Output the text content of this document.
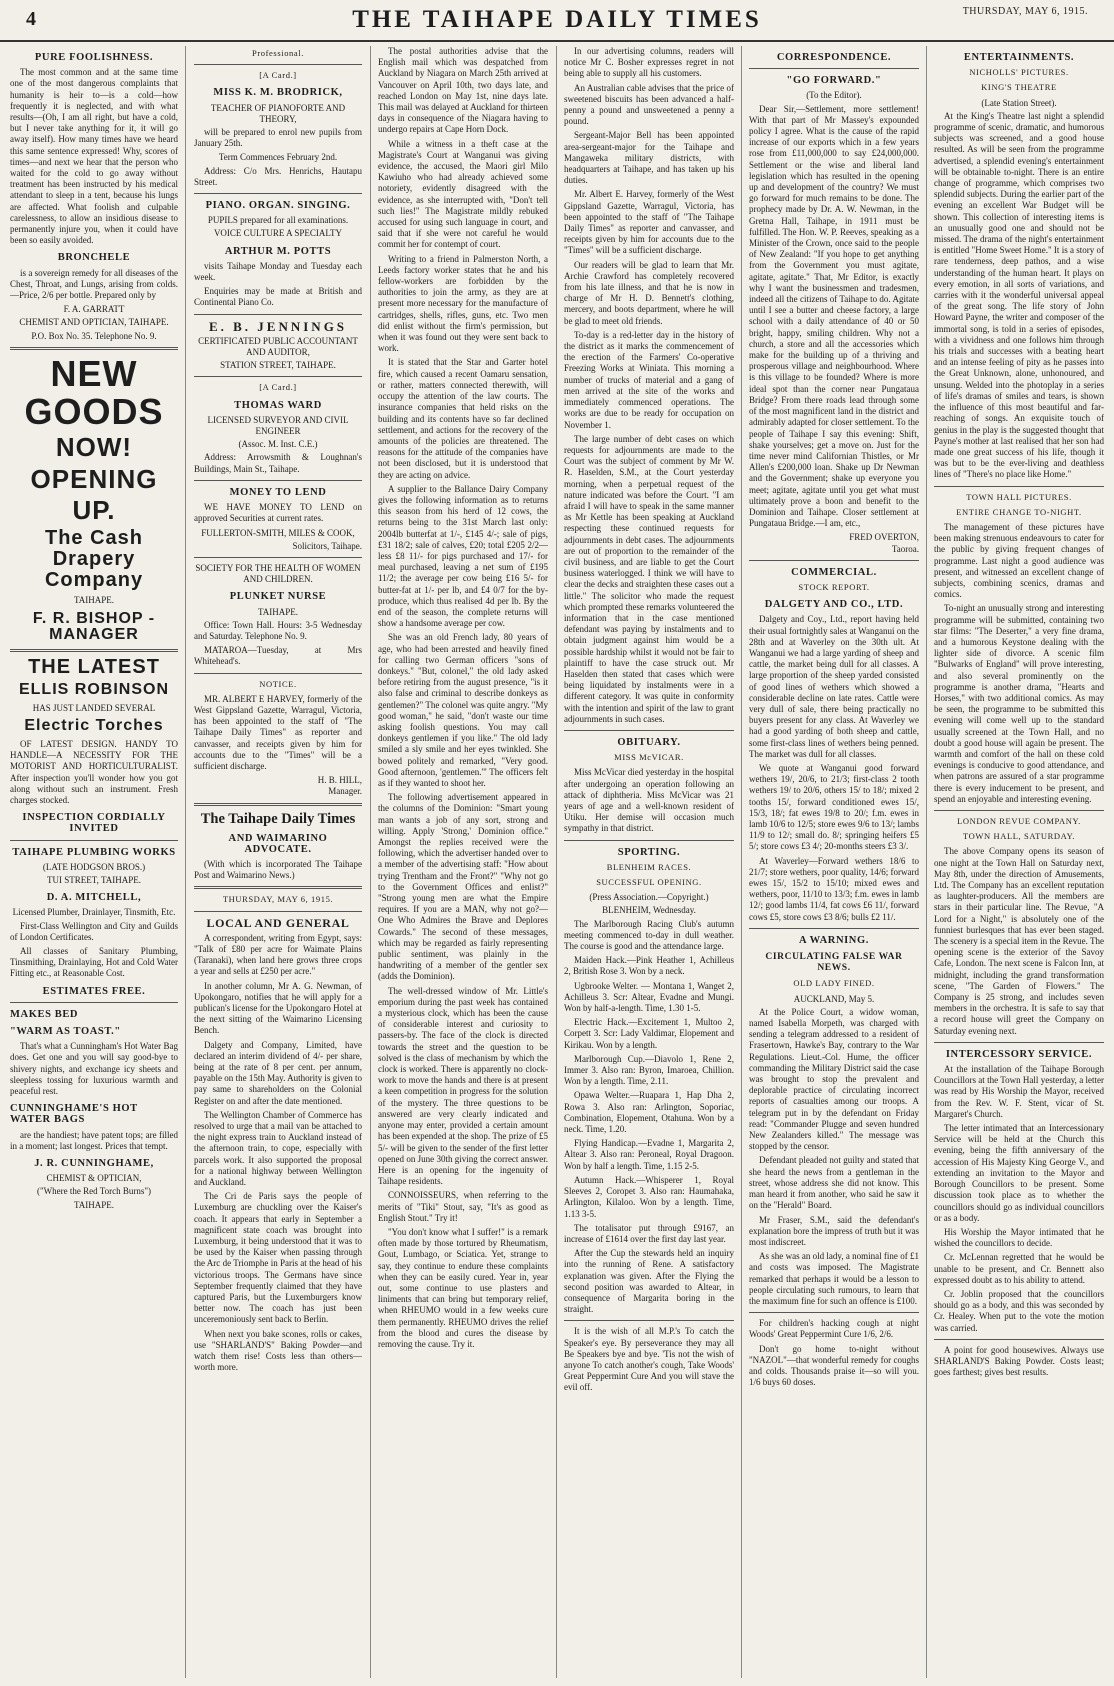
4	THE TAIHAPE DAILY TIMES	THURSDAY, MAY 6, 1915.
PURE FOOLISHNESS.

The most common and at the same time one of the most dangerous complaints that humanity is heir to—is a cold—how frequently it is neglected, and with what results—(Oh, I am all right, but have a cold, but I never take anything for it, it will go away itself). How many times have we heard this same sentence expressed! Why, scores of times—and next we hear that the person who waited for the cold to go away without treatment has been instructed by his medical attendant to sleep in a tent, because his lungs are affected. What foolish and culpable carelessness, to allow an insidious disease to permanently injure you, when it could have been so easily avoided.

BRONCHELE

is a sovereign remedy for all diseases of the Chest, Throat, and Lungs, arising from colds.—Price, 2/6 per bottle. Prepared only by

F. A. GARRATT
CHEMIST AND OPTICIAN, TAIHAPE.
P.O. Box No. 35. Telephone No. 9.
NEW GOODS
NOW!
OPENING
UP.
The Cash Drapery Company
TAIHAPE.
F. R. BISHOP - MANAGER
THE LATEST
ELLIS ROBINSON
HAS JUST LANDED SEVERAL
Electric Torches

OF LATEST DESIGN. HANDY TO HANDLE—A NECESSITY FOR THE MOTORIST AND HORTICULTURALIST. After inspection you'll wonder how you got along without such an instrument. Fresh charges stocked.

INSPECTION CORDIALLY INVITED
TAIHAPE PLUMBING WORKS
(LATE HODGSON BROS.)
TUI STREET, TAIHAPE.
D. A. MITCHELL,
Licensed Plumber, Drainlayer, Tinsmith, Etc.

First-Class Wellington and City and Guilds of London Certificates.

All classes of Sanitary Plumbing, Tinsmithing, Drainlaying, Hot and Cold Water Fitting etc., at Reasonable Cost.

ESTIMATES FREE.
MAKES BED
"WARM AS TOAST."

That's what a Cunningham's Hot Water Bag does. Get one and you will say good-bye to shivery nights, and exchange icy sheets and sleepless tossing for luxurious warmth and peaceful rest.

CUNNINGHAME'S HOT WATER BAGS

are the handiest; have patent tops; are filled in a moment; last longest. Prices that tempt.

J. R. CUNNINGHAME,
CHEMIST & OPTICIAN,
("Where the Red Torch Burns")
TAIHAPE.
Professional.
[A Card.]
MISS K. M. BRODRICK,
TEACHER OF PIANOFORTE AND THEORY,

will be prepared to enrol new pupils from January 25th.

Term Commences February 2nd.

Address: C/o Mrs. Henrichs, Hautapu Street.

PIANO. ORGAN. SINGING.
PUPILS prepared for all examinations.
VOICE CULTURE A SPECIALTY
ARTHUR M. POTTS

visits Taihape Monday and Tuesday each week.

Enquiries may be made at British and Continental Piano Co.

E. B. JENNINGS
CERTIFICATED PUBLIC ACCOUNTANT AND AUDITOR,
STATION STREET, TAIHAPE.
[A Card.]
THOMAS WARD
LICENSED SURVEYOR AND CIVIL ENGINEER
(Assoc. M. Inst. C.E.)

Address: Arrowsmith & Loughnan's Buildings, Main St., Taihape.

MONEY TO LEND

WE HAVE MONEY TO LEND on approved Securities at current rates.

FULLERTON-SMITH, MILES & COOK,
Solicitors, Taihape.
SOCIETY FOR THE HEALTH OF WOMEN AND CHILDREN.
PLUNKET NURSE
TAIHAPE.

Office: Town Hall. Hours: 3-5 Wednesday and Saturday. Telephone No. 9.

MATAROA—Tuesday, at Mrs Whitehead's.

NOTICE.

MR. ALBERT E HARVEY, formerly of the West Gippsland Gazette, Warragul, Victoria, has been appointed to the staff of "The Taihape Daily Times" as reporter and canvasser, and receipts given by him for accounts due to the "Times" will be a sufficient discharge.

H. B. HILL,
Manager.
The Taihape Daily Times
AND WAIMARINO ADVOCATE.

(With which is incorporated The Taihape Post and Waimarino News.)

THURSDAY, MAY 6, 1915.
LOCAL AND GENERAL

A correspondent, writing from Egypt, says: "Talk of £80 per acre for Waimate Plains (Taranaki), when land here grows three crops a year and sells at £250 per acre."

In another column, Mr A. G. Newman, of Upokongaro, notifies that he will apply for a publican's license for the Upokongaro Hotel at the next sitting of the Waimarino Licensing Bench.

Dalgety and Company, Limited, have declared an interim dividend of 4/- per share, being at the rate of 8 per cent. per annum, payable on the 15th May. Authority is given to pay same to shareholders on the Colonial Register on and after the date mentioned.

The Wellington Chamber of Commerce has resolved to urge that a mail van be attached to the night express train to Auckland instead of the afternoon train, to cope, especially with parcels work. It also supported the proposal for a national highway between Wellington and Auckland.

The Cri de Paris says the people of Luxemburg are chuckling over the Kaiser's coach. It appears that early in September a magnificent state coach was brought into Luxemburg, it being understood that it was to be used by the Kaiser when passing through the Arc de Triomphe in Paris at the head of his victorious troops. The Germans have since September frequently claimed that they have captured Paris, but the Luxemburgers know better now. The coach has just been unceremoniously sent back to Berlin.

When next you bake scones, rolls or cakes, use "SHARLAND'S" Baking Powder—and watch them rise! Costs less than others—worth more.

The postal authorities advise that the English mail which was despatched from Auckland by Niagara on March 25th arrived at Vancouver on April 10th, two days late, and reached London on May 1st, nine days late. This mail was delayed at Auckland for thirteen days in consequence of the Niagara having to undergo repairs at Cape Horn Dock.

While a witness in a theft case at the Magistrate's Court at Wanganui was giving evidence, the accused, the Maori girl Milo Kawiuho who had already achieved some notoriety, evidently disagreed with the evidence, as she interrupted with, "Don't tell such lies!" The Magistrate mildly rebuked accused for using such language in court, and said that if she were not careful he would commit her for contempt of court.

Writing to a friend in Palmerston North, a Leeds factory worker states that he and his fellow-workers are forbidden by the authorities to join the army, as they are at present more necessary for the manufacture of cartridges, shells, rifles, guns, etc. Two men did enlist without the firm's permission, but when it was found out they were sent back to work.

It is stated that the Star and Garter hotel fire, which caused a recent Oamaru sensation, or rather, matters connected therewith, will occupy the attention of the law courts. The insurance companies that held risks on the building and its contents have so far declined settlement, and actions for the recovery of the amounts of the policies are threatened. The reasons for the attitude of the companies have not been disclosed, but it is understood that they are acting on advice.

A supplier to the Ballance Dairy Company gives the following information as to returns this season from his herd of 12 cows, the returns being to the 31st March last only: 2004lb butterfat at 1/-, £145 4/-; sale of pigs, £31 18/2; sale of calves, £20; total £205 2/2—less £8 11/- for pigs purchased and 17/- for meal purchased, leaving a net sum of £195 11/2; the average per cow being £16 5/- for butter-fat at 1/- per lb, and £4 0/7 for the by-produce, which thus realised 4d per lb. By the end of the season, the complete returns will show a handsome average per cow.

She was an old French lady, 80 years of age, who had been arrested and heavily fined for calling two German officers "sons of donkeys." "But, colonel," the old lady asked before retiring from the august presence, "is it also false and criminal to describe donkeys as gentlemen?" The colonel was quite angry. "My good woman," he said, "don't waste our time asking foolish questions. You may call donkeys gentlemen if you like." The old lady smiled a sly smile and her eyes twinkled. She bowed politely and remarked, "Very good. Good afternoon, 'gentlemen.'" The officers felt as if they wanted to shoot her.

The following advertisement appeared in the columns of the Dominion: "Smart young man wants a job of any sort, strong and willing. Apply 'Strong,' Dominion office." Amongst the replies received were the following, which the advertiser handed over to a member of the advertising staff: "How about trying Trentham and the Front?" "Why not go to the Government Offices and enlist?" "Strong young men are what the Empire requires. If you are a MAN, why not go?—One Who Admires the Brave and Deplores Cowards." The second of these messages, which may be regarded as fairly representing public sentiment, was plainly in the handwriting of a member of the gentler sex (adds the Dominion).

The well-dressed window of Mr. Little's emporium during the past week has contained a mysterious clock, which has been the cause of considerable interest and curiosity to passers-by. The face of the clock is directed towards the street and the question to be solved is the class of mechanism by which the clock is worked. There is apparently no clock-work to move the hands and there is at present a keen competition in progress for the solution of the mystery. The three questions to be answered are very clearly indicated and anyone may enter, provided a certain amount has been expended at the shop. The prize of £5 5/- will be given to the sender of the first letter opened on June 30th giving the correct answer. Here is an opening for the ingenuity of Taihape residents.

CONNOISSEURS, when referring to the merits of "Tiki" Stout, say, "It's as good as English Stout." Try it!

"You don't know what I suffer!" is a remark often made by those tortured by Rheumatism, Gout, Lumbago, or Sciatica. Yet, strange to say, they continue to endure these complaints when they can be easily cured. Year in, year out, some continue to use plasters and liniments that can bring but temporary relief, when RHEUMO would in a few weeks cure them permanently. RHEUMO drives the relief from the blood and cures the disease by removing the cause. Try it.

In our advertising columns, readers will notice Mr C. Bosher expresses regret in not being able to supply all his customers.

An Australian cable advises that the price of sweetened biscuits has been advanced a half-penny a pound and unsweetened a penny a pound.

Sergeant-Major Bell has been appointed area-sergeant-major for the Taihape and Mangaweka military districts, with headquarters at Taihape, and has taken up his duties.

Mr. Albert E. Harvey, formerly of the West Gippsland Gazette, Warragul, Victoria, has been appointed to the staff of "The Taihape Daily Times" as reporter and canvasser, and receipts given by him for accounts due to the "Times" will be a sufficient discharge.

Our readers will be glad to learn that Mr. Archie Crawford has completely recovered from his late illness, and that he is now in charge of Mr H. D. Bennett's clothing, mercery, and boots department, where he will be glad to meet old friends.

To-day is a red-letter day in the history of the district as it marks the commencement of the erection of the Farmers' Co-operative Freezing Works at Winiata. This morning a number of trucks of material and a gang of men arrived at the site of the works and immediately commenced operations. The works are due to be ready for occupation on November 1.

The large number of debt cases on which requests for adjournments are made to the Court was the subject of comment by Mr W. R. Haselden, S.M., at the Court yesterday morning, when a perpetual request of the nature indicated was before the Court. "I am afraid I will have to speak in the same manner as Mr Kettle has been speaking at Auckland respecting these continued requests for adjournments in debt cases. The adjournments are out of proportion to the remainder of the civil business, and are liable to get the Court business waterlogged. I think we will have to clear the decks and straighten these cases out a little." The solicitor who made the request which prompted these remarks volunteered the information that in the case mentioned defendant was paying by instalments and to obtain judgment against him would be a possible hardship whilst it would not be fair to plaintiff to have the case struck out. Mr Haselden then stated that cases which were being liquidated by instalments were in a different category. It was quite in conformity with the intention and spirit of the law to grant adjournments in such cases.

OBITUARY.
MISS McVICAR.

Miss McVicar died yesterday in the hospital after undergoing an operation following an attack of diphtheria. Miss McVicar was 21 years of age and a well-known resident of Utiku. Her demise will occasion much sympathy in that district.

SPORTING.
BLENHEIM RACES.
SUCCESSFUL OPENING.
(Press Association.—Copyright.)
BLENHEIM, Wednesday.

The Marlborough Racing Club's autumn meeting commenced to-day in dull weather. The course is good and the attendance large.

Maiden Hack.—Pink Heather 1, Achilleus 2, British Rose 3. Won by a neck.

Ugbrooke Welter. — Montana 1, Wanget 2, Achilleus 3. Scr: Altear, Evadne and Mungi. Won by half-a-length. Time, 1.30 1-5.

Electric Hack.—Excitement 1, Multoo 2, Corpett 3. Scr: Lady Valdimar, Elopement and Kirikau. Won by a length.

Marlborough Cup.—Diavolo 1, Rene 2, Immer 3. Also ran: Byron, Imaroea, Chillion. Won by a length. Time, 2.11.

Opawa Welter.—Ruapara 1, Hap Dha 2, Rowa 3. Also ran: Arlington, Soporiac, Combination, Elopement, Otahuna. Won by a neck. Time, 1.20.

Flying Handicap.—Evadne 1, Margarita 2, Altear 3. Also ran: Peroneal, Royal Dragoon. Won by half a length. Time, 1.15 2-5.

Autumn Hack.—Whisperer 1, Royal Sleeves 2, Coropet 3. Also ran: Haumahaka, Arlington, Kilaloo. Won by a length. Time, 1.13 3-5.

The totalisator put through £9167, an increase of £1614 over the first day last year.

After the Cup the stewards held an inquiry into the running of Rene. A satisfactory explanation was given. After the Flying the second position was awarded to Altear, in consequence of Margarita boring in the straight.

It is the wish of all M.P.'s To catch the Speaker's eye. By perseverance they may all Be Speakers bye and bye. 'Tis not the wish of anyone To catch another's cough, Take Woods' Great Peppermint Cure And you will stave the evil off.

CORRESPONDENCE.
"GO FORWARD."
(To the Editor).

Dear Sir,—Settlement, more settlement! With that part of Mr Massey's expounded policy I agree. What is the cause of the rapid increase of our exports which in a few years rose from £11,000,000 to say £24,000,000. Settlement or the wise and liberal land legislation which has resulted in the opening up and development of the country? We must go forward for much remains to be done. The prophecy made by Dr. A. W. Newman, in the Gretna Hall, Taihape, in 1911 must be fulfilled. The Hon. W. P. Reeves, speaking as a Minister of the Crown, once said to the people of New Zealand: "If you hope to get anything from the Government you must agitate, agitate, agitate." That, Mr Editor, is exactly why I want the businessmen and tradesmen, indeed all the citizens of Taihape to do. Agitate until I see a butter and cheese factory, a large school with a daily attendance of 40 or 50 bright, happy, smiling children. Why not a church, a store and all the accessories which make for the building up of a thriving and prosperous village and neighbourhood. Where is this village to be founded? Where is more ideal spot than the corner near Pungataua Bridge? From there roads lead through some of the most magnificent land in the district and admirably adapted for closer settlement. To the people of Taihape I say this evening: Shift, shake yourselves; get a move on. Just for the time never mind Californian Thistles, or Mr Allen's £200,000 loan. Shake up Dr Newman and the Government; shake up everyone you meet; agitate, agitate until you get what must ultimately prove a boon and benefit to the Dominion and Taihape. Closer settlement at Pungataua Bridge.—I am, etc.,

FRED OVERTON,
Taoroa.
COMMERCIAL.
STOCK REPORT.
DALGETY AND CO., LTD.

Dalgety and Coy., Ltd., report having held their usual fortnightly sales at Wanganui on the 28th and at Waverley on the 30th ult. At Wanganui we had a large yarding of sheep and cattle, the market being dull for all classes. A large proportion of the sheep yarded consisted of good lines of wethers which showed a considerable decline on late rates. Cattle were very dull of sale, there being practically no buyers present for any class. At Waverley we had a good yarding of both sheep and cattle, some first-class lines of wethers being penned. The market was dull for all classes.

We quote at Wanganui good forward wethers 19/, 20/6, to 21/3; first-class 2 tooth wethers 19/ to 20/6, others 15/ to 18/; mixed 2 tooths 15/, forward conditioned ewes 15/, 15/3, 18/; fat ewes 19/8 to 20/; f.m. ewes in lamb 10/6 to 12/5; store ewes 9/6 to 13/; lambs 11/9 to 12/; small do. 8/; springing heifers £5 5/; store cows £3 4/; 20-months steers £3 3/.

At Waverley—Forward wethers 18/6 to 21/7; store wethers, poor quality, 14/6; forward ewes 15/, 15/2 to 15/10; mixed ewes and wethers, poor, 11/10 to 13/3; f.m. ewes in lamb 12/; good lambs 11/4, fat cows £6 11/, forward cows £5, store cows £3 8/6; bulls £2 11/.

A WARNING.
CIRCULATING FALSE WAR NEWS.
OLD LADY FINED.
AUCKLAND, May 5.

At the Police Court, a widow woman, named Isabella Morpeth, was charged with sending a telegram addressed to a resident of Frasertown, Hawke's Bay, contrary to the War Regulations. Lieut.-Col. Hume, the officer commanding the Military District said the case was brought to stop the prevalent and deplorable practice of circulating incorrect reports of casualties among our troops. A telegram put in by the defendant on Friday read: "Commander Plugge and seven hundred New Zealanders killed." The message was stopped by the censor.

Defendant pleaded not guilty and stated that she heard the news from a gentleman in the street, whose address she did not know. This man heard it from another, who said he saw it on the "Herald" Board.

Mr Fraser, S.M., said the defendant's explanation bore the impress of truth but it was most indiscreet.

As she was an old lady, a nominal fine of £1 and costs was imposed. The Magistrate remarked that perhaps it would be a lesson to people circulating such rumours, to learn that the maximum fine for such an offence is £100.

For children's hacking cough at night Woods' Great Peppermint Cure 1/6, 2/6.

Don't go home to-night without "NAZOL"—that wonderful remedy for coughs and colds. Thousands praise it—so will you. 1/6 buys 60 doses.

ENTERTAINMENTS.
NICHOLLS' PICTURES.
KING'S THEATRE
(Late Station Street).

At the King's Theatre last night a splendid programme of scenic, dramatic, and humorous subjects was screened, and a good house resulted. As will be seen from the programme advertised, a splendid evening's entertainment will be obtainable to-night. There is an entire change of programme, which comprises two splendid subjects. During the earlier part of the evening an excellent War Budget will be shown. This collection of interesting items is an unusually good one and should not be missed. The drama of the night's entertainment is entitled "Home Sweet Home." It is a story of rare tenderness, deep pathos, and a wise understanding of the human heart. It plays on every emotion, in all sorts of variations, and carries with it the wonderful universal appeal of the great song. The life story of John Howard Payne, the writer and composer of the immortal song, is told in a series of episodes, with a vividness and one follows him through his trials and successes with a beating heart and an intense feeling of pity as he passes into the Great Unknown, alone, unhonoured, and unsung. Welded into the photoplay in a series of life's dramas of smiles and tears, is shown the influence of this most beautiful and far-reaching of songs. An exquisite touch of genius in the play is the suggested thought that Payne's mother at last realised that her son had made one great success of his life, though it was but to be the ever-living and deathless lines of "There's no place like Home."

TOWN HALL PICTURES.
ENTIRE CHANGE TO-NIGHT.

The management of these pictures have been making strenuous endeavours to cater for the public by giving frequent changes of programme. Last night a good audience was present, and witnessed an excellent change of subjects, combining scenics, dramas and comics.

To-night an unusually strong and interesting programme will be submitted, containing two star films: "The Deserter," a very fine drama, and a humorous Keystone dealing with the lighter side of divorce. A scenic film "Bulwarks of England" will prove interesting, and also several prominently on the programme is another drama, "Hearts and Horses," with two additional comics. As may be seen, the programme to be submitted this evening will come well up to the standard usually screened at the Town Hall, and no doubt a good house will again be present. The warmth and comfort of the hall on these cold evenings is conducive to good attendance, and when patrons are assured of a star programme there is every inducement to be present, and spend an enjoyable and interesting evening.

LONDON REVUE COMPANY.
TOWN HALL, SATURDAY.

The above Company opens its season of one night at the Town Hall on Saturday next, May 8th, under the direction of Amusements, Ltd. The Company has an excellent reputation as laughter-producers. All the members are stars in their particular line. The Revue, "A Lord for a Night," is absolutely one of the funniest burlesques that has ever been staged. The scenery is a special item in the Revue. The opening scene is the exterior of the Savoy Cafe, London. The next scene is Falcon Inn, at midnight, including the grand transformation scene, "The Garden of Flowers." The Company is 25 strong, and includes seven members in the orchestra. It is safe to say that a record house will greet the Company on Saturday evening next.

INTERCESSORY SERVICE.

At the installation of the Taihape Borough Councillors at the Town Hall yesterday, a letter was read by His Worship the Mayor, received from the Rev. W. F. Stent, vicar of St. Margaret's Church.

The letter intimated that an Intercessionary Service will be held at the Church this evening, being the fifth anniversary of the accession of His Majesty King George V., and extending an invitation to the Mayor and Borough Councillors to be present. Some discussion took place as to whether the councillors should go as individual councillors or as a body.

His Worship the Mayor intimated that he wished the councillors to decide.

Cr. McLennan regretted that he would be unable to be present, and Cr. Bennett also expressed doubt as to his ability to attend.

Cr. Joblin proposed that the councillors should go as a body, and this was seconded by Cr. Healey. When put to the vote the motion was carried.

A point for good housewives. Always use SHARLAND'S Baking Powder. Costs least; goes farthest; gives best results.
